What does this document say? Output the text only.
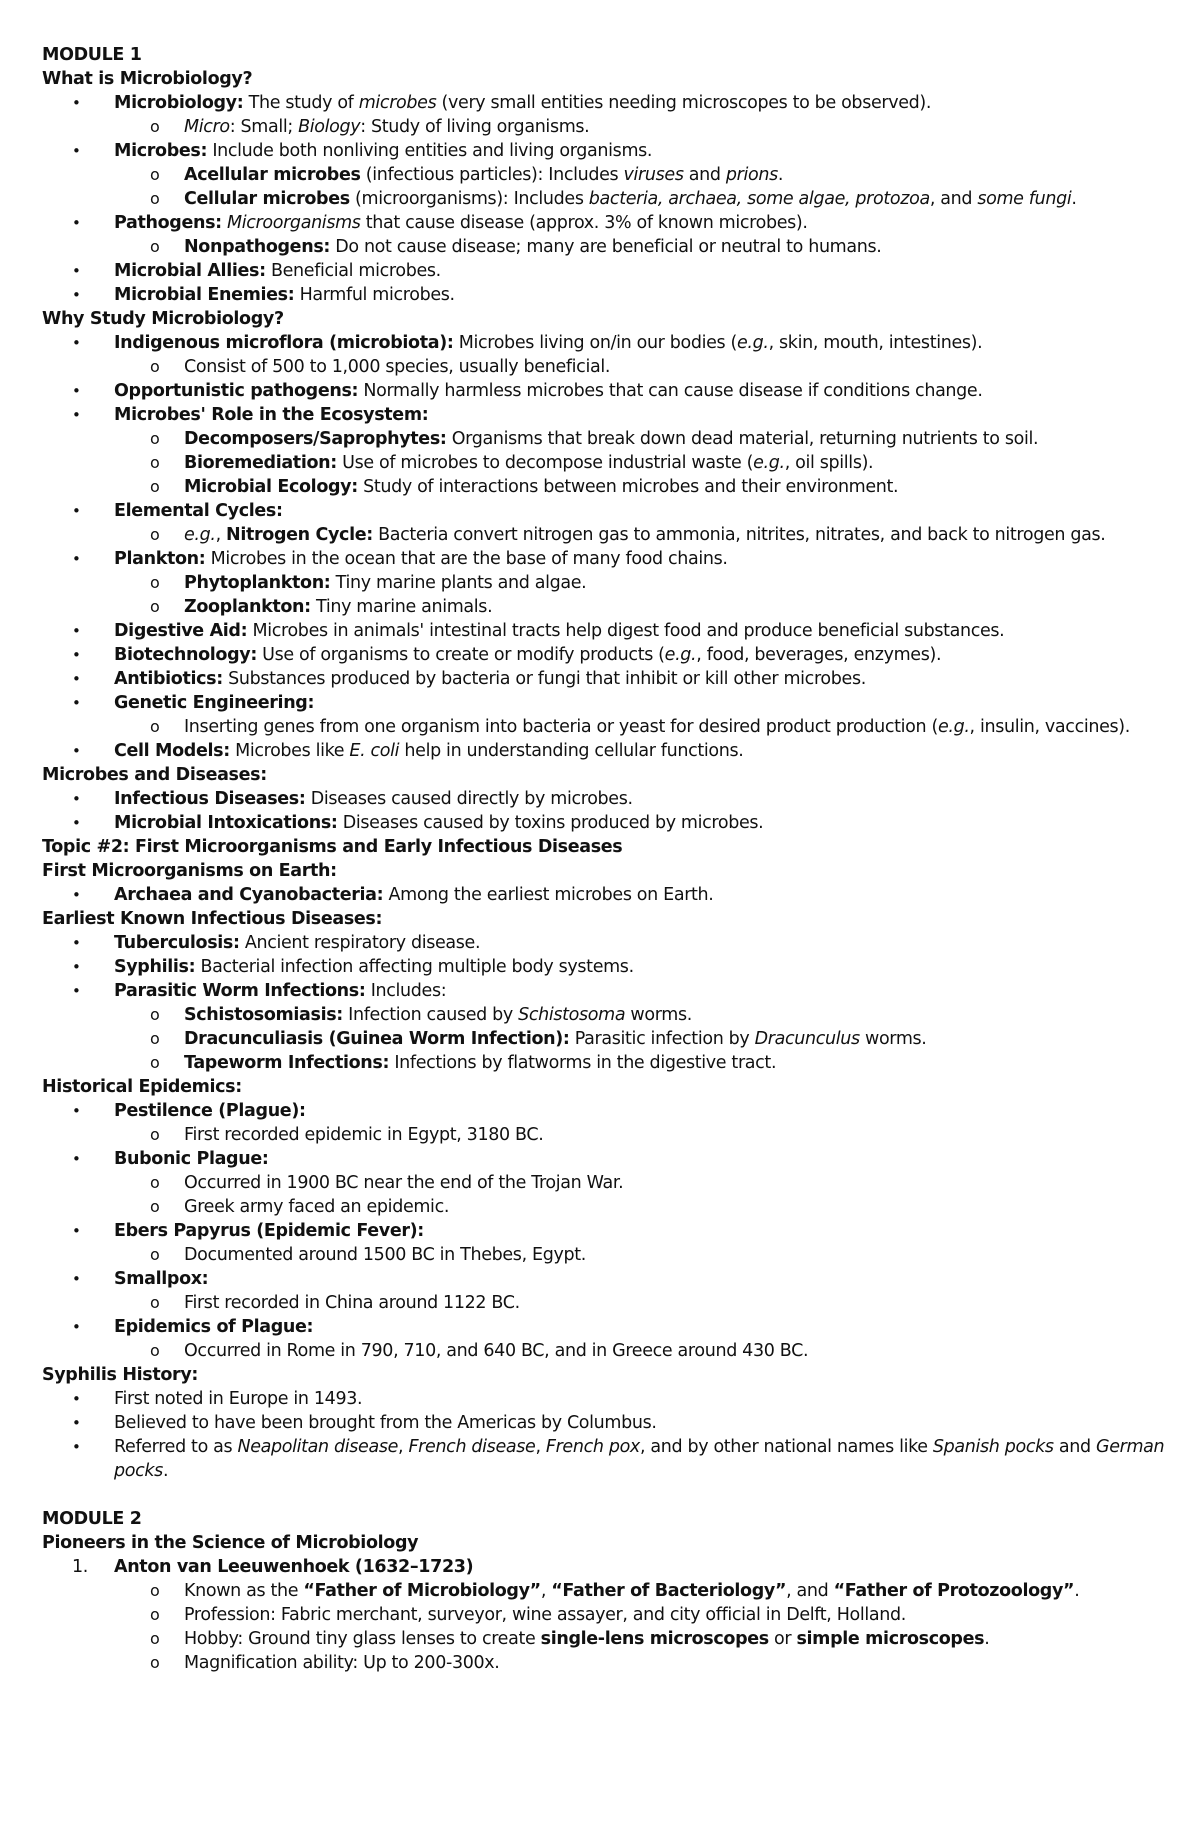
MODULE 1
What is Microbiology?
• Microbiology: The study of microbes (very small entities needing microscopes to be observed).
o Micro: Small; Biology: Study of living organisms.
• Microbes: Include both nonliving entities and living organisms.
o Acellular microbes (infectious particles): Includes viruses and prions.
o Cellular microbes (microorganisms): Includes bacteria, archaea, some algae, protozoa, and some fungi.
• Pathogens: Microorganisms that cause disease (approx. 3% of known microbes).
o Nonpathogens: Do not cause disease; many are beneficial or neutral to humans.
• Microbial Allies: Beneficial microbes.
• Microbial Enemies: Harmful microbes.
Why Study Microbiology?
• Indigenous microflora (microbiota): Microbes living on/in our bodies (e.g., skin, mouth, intestines).
o Consist of 500 to 1,000 species, usually beneficial.
• Opportunistic pathogens: Normally harmless microbes that can cause disease if conditions change.
• Microbes' Role in the Ecosystem:
o Decomposers/Saprophytes: Organisms that break down dead material, returning nutrients to soil.
o Bioremediation: Use of microbes to decompose industrial waste (e.g., oil spills).
o Microbial Ecology: Study of interactions between microbes and their environment.
• Elemental Cycles:
o e.g., Nitrogen Cycle: Bacteria convert nitrogen gas to ammonia, nitrites, nitrates, and back to nitrogen gas.
• Plankton: Microbes in the ocean that are the base of many food chains.
o Phytoplankton: Tiny marine plants and algae.
o Zooplankton: Tiny marine animals.
• Digestive Aid: Microbes in animals' intestinal tracts help digest food and produce beneficial substances.
• Biotechnology: Use of organisms to create or modify products (e.g., food, beverages, enzymes).
• Antibiotics: Substances produced by bacteria or fungi that inhibit or kill other microbes.
• Genetic Engineering:
o Inserting genes from one organism into bacteria or yeast for desired product production (e.g., insulin, vaccines).
• Cell Models: Microbes like E. coli help in understanding cellular functions.
Microbes and Diseases:
• Infectious Diseases: Diseases caused directly by microbes.
• Microbial Intoxications: Diseases caused by toxins produced by microbes.
Topic #2: First Microorganisms and Early Infectious Diseases
First Microorganisms on Earth:
• Archaea and Cyanobacteria: Among the earliest microbes on Earth.
Earliest Known Infectious Diseases:
• Tuberculosis: Ancient respiratory disease.
• Syphilis: Bacterial infection affecting multiple body systems.
• Parasitic Worm Infections: Includes:
o Schistosomiasis: Infection caused by Schistosoma worms.
o Dracunculiasis (Guinea Worm Infection): Parasitic infection by Dracunculus worms.
o Tapeworm Infections: Infections by flatworms in the digestive tract.
Historical Epidemics:
• Pestilence (Plague):
o First recorded epidemic in Egypt, 3180 BC.
• Bubonic Plague:
o Occurred in 1900 BC near the end of the Trojan War.
o Greek army faced an epidemic.
• Ebers Papyrus (Epidemic Fever):
o Documented around 1500 BC in Thebes, Egypt.
• Smallpox:
o First recorded in China around 1122 BC.
• Epidemics of Plague:
o Occurred in Rome in 790, 710, and 640 BC, and in Greece around 430 BC.
Syphilis History:
• First noted in Europe in 1493.
• Believed to have been brought from the Americas by Columbus.
• Referred to as Neapolitan disease, French disease, French pox, and by other national names like Spanish pocks and German pocks.
MODULE 2
Pioneers in the Science of Microbiology
1. Anton van Leeuwenhoek (1632–1723)
o Known as the “Father of Microbiology”, “Father of Bacteriology”, and “Father of Protozoology”.
o Profession: Fabric merchant, surveyor, wine assayer, and city official in Delft, Holland.
o Hobby: Ground tiny glass lenses to create single-lens microscopes or simple microscopes.
o Magnification ability: Up to 200-300x.
